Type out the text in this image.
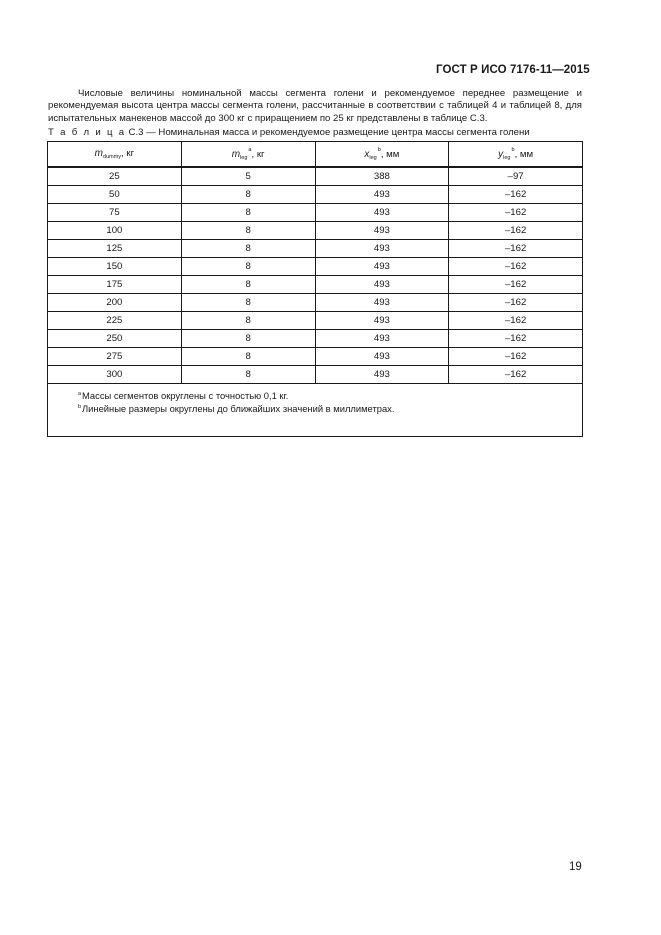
ГОСТ Р ИСО 7176-11—2015

Числовые величины номинальной массы сегмента голени и рекомендуемое переднее размещение и рекомендуемая высота центра массы сегмента голени, рассчитанные в соответствии с таблицей 4 и таблицей 8, для испытательных манекенов массой до 300 кг с приращением по 25 кг представлены в таблице С.3.

Т а б л и ц а С.3 — Номинальная масса и рекомендуемое размещение центра массы сегмента голени
$m_{dummy}$, кг	$m_{leg}^a$, кг	$x_{leg}^b$, мм	$y_{leg}^b$, мм
25	5	388	–97
50	8	493	–162
75	8	493	–162
100	8	493	–162
125	8	493	–162
150	8	493	–162
175	8	493	–162
200	8	493	–162
225	8	493	–162
250	8	493	–162
275	8	493	–162
300	8	493	–162

a Массы сегментов округлены с точностью 0,1 кг.
b Линейные размеры округлены до ближайших значений в миллиметрах.			
19
